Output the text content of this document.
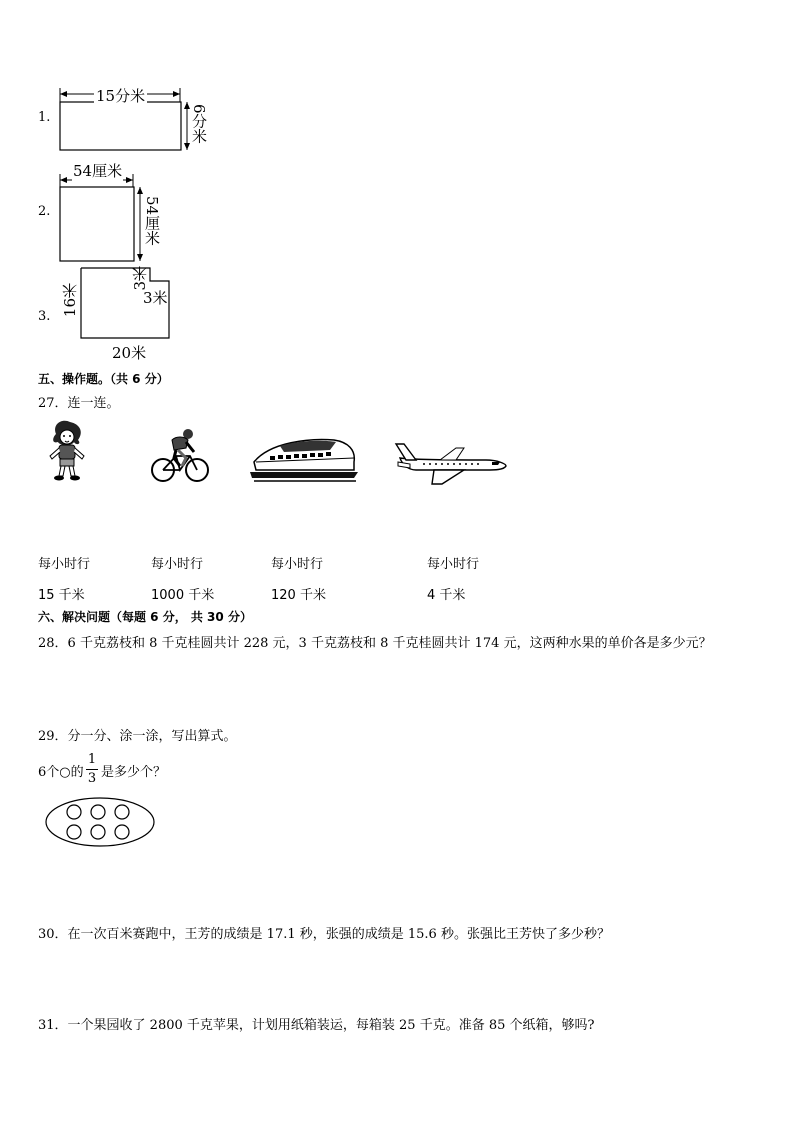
1.
15分米
6分米
2.
54厘米
54厘米
3. 16米
3米
3米
20米
五、操作题。（共 6 分）
27．连一连。
每小时行
15 千米
每小时行
1000 千米
每小时行
120 千米
每小时行
4 千米
六、解决问题（每题 6 分， 共 30 分）
28．6 千克荔枝和 8 千克桂圆共计 228 元，3 千克荔枝和 8 千克桂圆共计 174 元，这两种水果的单价各是多少元？
29．分一分、涂一涂，写出算式。
6个○的
1
3 是多少个？
30．在一次百米赛跑中，王芳的成绩是 17.1 秒，张强的成绩是 15.6 秒。张强比王芳快了多少秒？
31．一个果园收了 2800 千克苹果，计划用纸箱装运，每箱装 25 千克。准备 85 个纸箱，够吗?
